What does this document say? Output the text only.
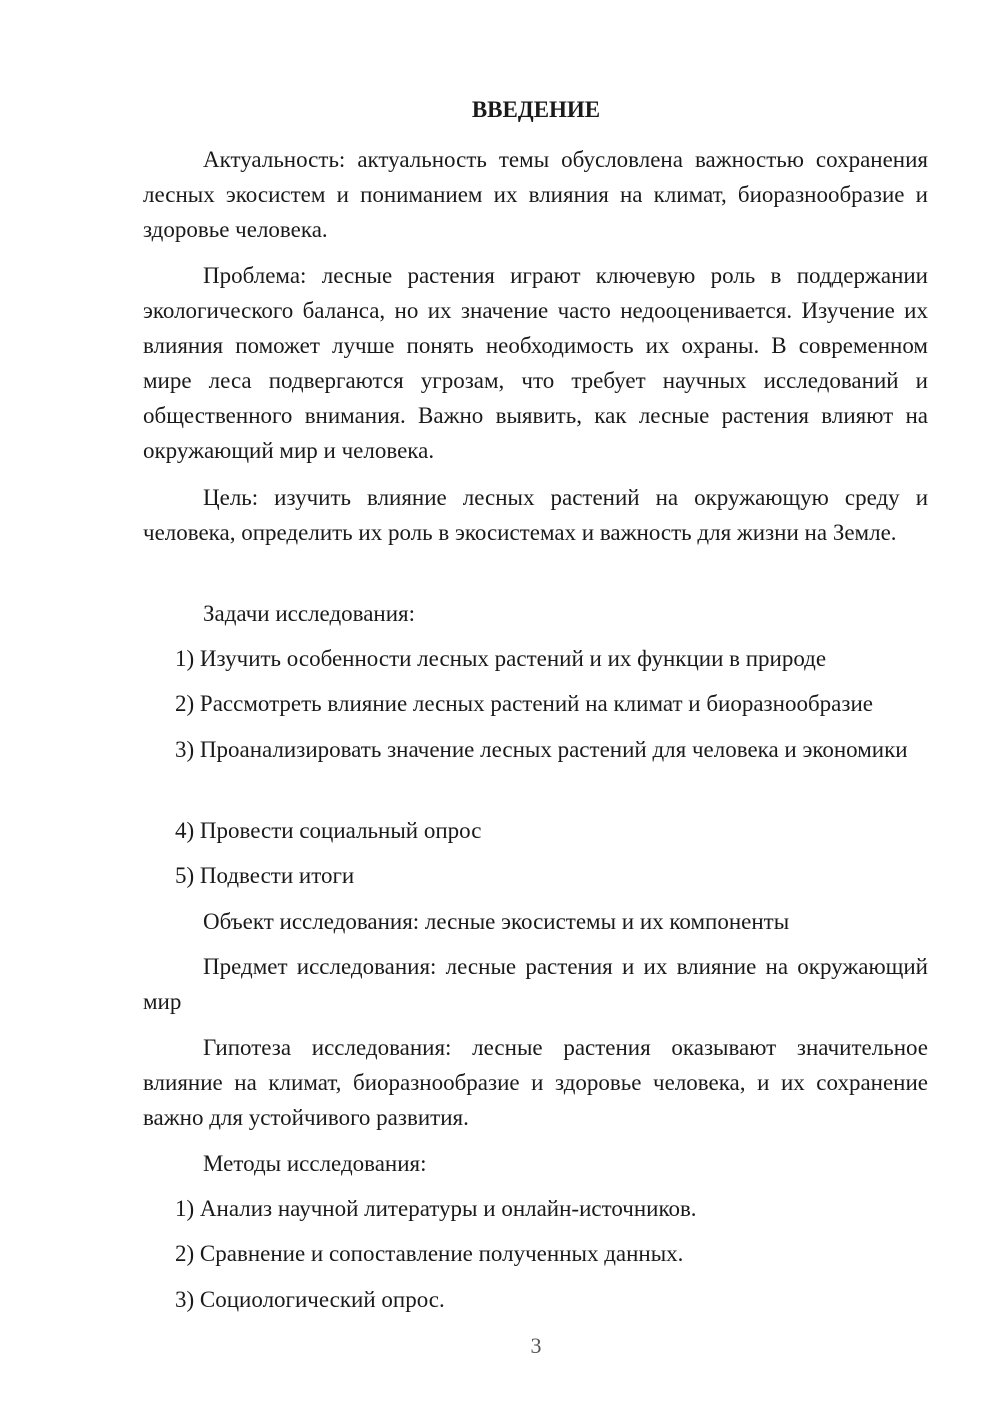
ВВЕДЕНИЕ

Актуальность: актуальность темы обусловлена важностью сохранения лесных экосистем и пониманием их влияния на климат, биоразнообразие и здоровье человека.

Проблема: лесные растения играют ключевую роль в поддержании экологического баланса, но их значение часто недооценивается. Изучение их влияния поможет лучше понять необходимость их охраны. В современном мире леса подвергаются угрозам, что требует научных исследований и общественного внимания. Важно выявить, как лесные растения влияют на окружающий мир и человека.

Цель: изучить влияние лесных растений на окружающую среду и человека, определить их роль в экосистемах и важность для жизни на Земле.

Задачи исследования:

1) Изучить особенности лесных растений и их функции в природе

2) Рассмотреть влияние лесных растений на климат и биоразнообразие

3) Проанализировать значение лесных растений для человека и экономики

4) Провести социальный опрос

5) Подвести итоги

Объект исследования: лесные экосистемы и их компоненты

Предмет исследования: лесные растения и их влияние на окружающий мир

Гипотеза исследования: лесные растения оказывают значительное влияние на климат, биоразнообразие и здоровье человека, и их сохранение важно для устойчивого развития.

Методы исследования:

1) Анализ научной литературы и онлайн-источников.

2) Сравнение и сопоставление полученных данных.

3) Социологический опрос.

3
